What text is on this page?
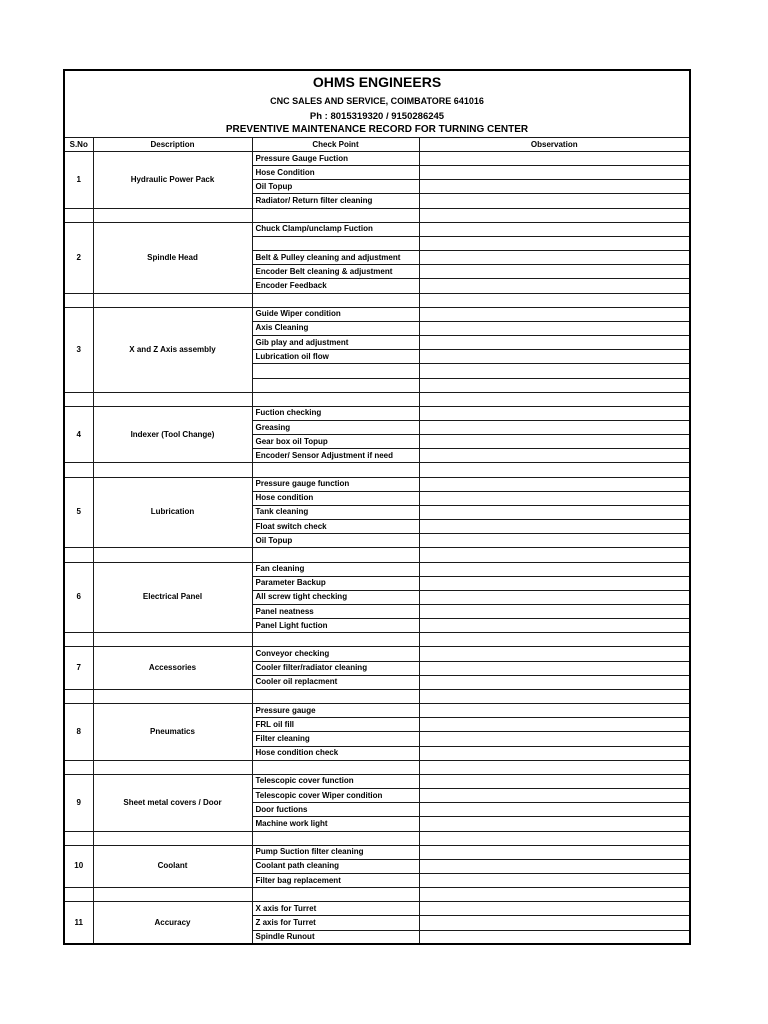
OHMS ENGINEERS
CNC SALES AND SERVICE, COIMBATORE 641016
Ph : 8015319320 / 9150286245
PREVENTIVE MAINTENANCE RECORD FOR TURNING CENTER			

S.No	Description	Check Point	Observation
1	Hydraulic Power Pack	Pressure Gauge Fuction	
		Hose Condition	
		Oil Topup	
		Radiator/ Return filter cleaning	

2	Spindle Head	Chuck Clamp/unclamp Fuction	

		Belt & Pulley cleaning and adjustment	
		Encoder Belt cleaning & adjustment	
		Encoder Feedback	

3	X and Z Axis assembly	Guide Wiper condition	
		Axis Cleaning	
		Gib play and adjustment	
		Lubrication oil flow	

4	Indexer (Tool Change)	Fuction checking	
		Greasing	
		Gear box oil Topup	
		Encoder/ Sensor Adjustment if need	

5	Lubrication	Pressure gauge function	
		Hose condition	
		Tank cleaning	
		Float switch check	
		Oil Topup	

6	Electrical Panel	Fan cleaning	
		Parameter Backup	
		All screw tight checking	
		Panel neatness	
		Panel Light fuction	

7	Accessories	Conveyor checking	
		Cooler filter/radiator cleaning	
		Cooler oil replacment	

8	Pneumatics	Pressure gauge	
		FRL oil fill	
		Filter cleaning	
		Hose condition check	

9	Sheet metal covers / Door	Telescopic cover function	
		Telescopic cover Wiper condition	
		Door fuctions	
		Machine work light	

10	Coolant	Pump Suction filter cleaning	
		Coolant path cleaning	
		Filter bag replacement	

11	Accuracy	X axis for Turret	
		Z axis for Turret	
		Spindle Runout	
